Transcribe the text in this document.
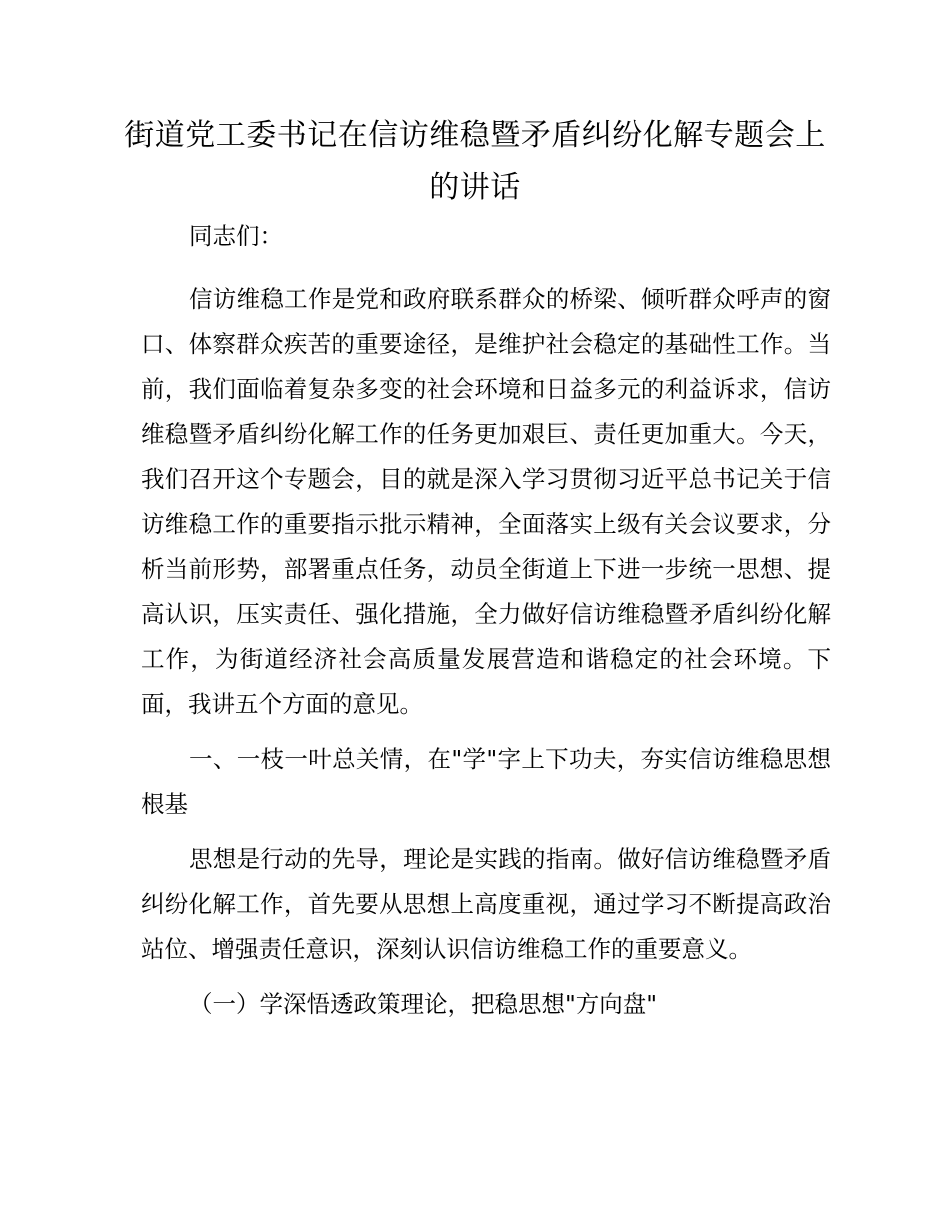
街道党工委书记在信访维稳暨矛盾纠纷化解专题会上的讲话

同志们：

信访维稳工作是党和政府联系群众的桥梁、倾听群众呼声的窗口、体察群众疾苦的重要途径，是维护社会稳定的基础性工作。当前，我们面临着复杂多变的社会环境和日益多元的利益诉求，信访维稳暨矛盾纠纷化解工作的任务更加艰巨、责任更加重大。今天，我们召开这个专题会，目的就是深入学习贯彻习近平总书记关于信访维稳工作的重要指示批示精神，全面落实上级有关会议要求，分析当前形势，部署重点任务，动员全街道上下进一步统一思想、提高认识，压实责任、强化措施，全力做好信访维稳暨矛盾纠纷化解工作，为街道经济社会高质量发展营造和谐稳定的社会环境。下面，我讲五个方面的意见。

一、一枝一叶总关情，在"学"字上下功夫，夯实信访维稳思想根基

思想是行动的先导，理论是实践的指南。做好信访维稳暨矛盾纠纷化解工作，首先要从思想上高度重视，通过学习不断提高政治站位、增强责任意识，深刻认识信访维稳工作的重要意义。

（一）学深悟透政策理论，把稳思想"方向盘"
